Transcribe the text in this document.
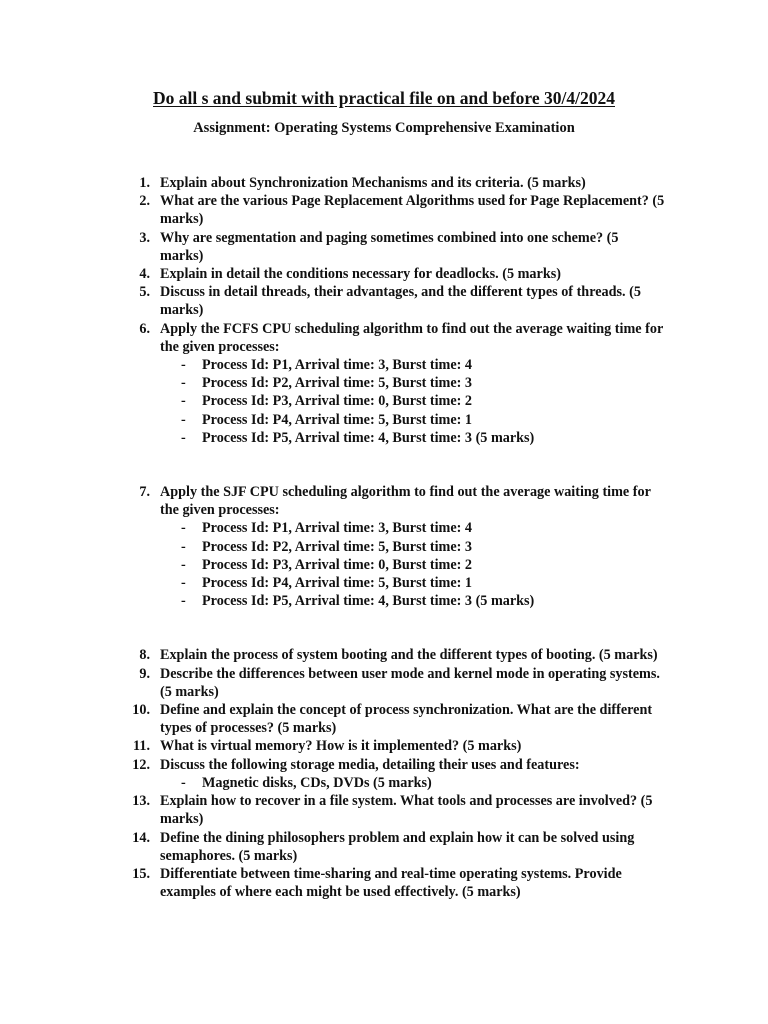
Do all s and submit with practical file on and before 30/4/2024
Assignment: Operating Systems Comprehensive Examination
1. Explain about Synchronization Mechanisms and its criteria. (5 marks)
2. What are the various Page Replacement Algorithms used for Page Replacement? (5 marks)
3. Why are segmentation and paging sometimes combined into one scheme? (5 marks)
4. Explain in detail the conditions necessary for deadlocks. (5 marks)
5. Discuss in detail threads, their advantages, and the different types of threads. (5 marks)
6. Apply the FCFS CPU scheduling algorithm to find out the average waiting time for the given processes:
- Process Id: P1, Arrival time: 3, Burst time: 4
- Process Id: P2, Arrival time: 5, Burst time: 3
- Process Id: P3, Arrival time: 0, Burst time: 2
- Process Id: P4, Arrival time: 5, Burst time: 1
- Process Id: P5, Arrival time: 4, Burst time: 3 (5 marks)
7. Apply the SJF CPU scheduling algorithm to find out the average waiting time for the given processes:
- Process Id: P1, Arrival time: 3, Burst time: 4
- Process Id: P2, Arrival time: 5, Burst time: 3
- Process Id: P3, Arrival time: 0, Burst time: 2
- Process Id: P4, Arrival time: 5, Burst time: 1
- Process Id: P5, Arrival time: 4, Burst time: 3 (5 marks)
8. Explain the process of system booting and the different types of booting. (5 marks)
9. Describe the differences between user mode and kernel mode in operating systems. (5 marks)
10. Define and explain the concept of process synchronization. What are the different types of processes? (5 marks)
11. What is virtual memory? How is it implemented? (5 marks)
12. Discuss the following storage media, detailing their uses and features:
- Magnetic disks, CDs, DVDs (5 marks)
13. Explain how to recover in a file system. What tools and processes are involved? (5 marks)
14. Define the dining philosophers problem and explain how it can be solved using semaphores. (5 marks)
15. Differentiate between time-sharing and real-time operating systems. Provide examples of where each might be used effectively. (5 marks)
